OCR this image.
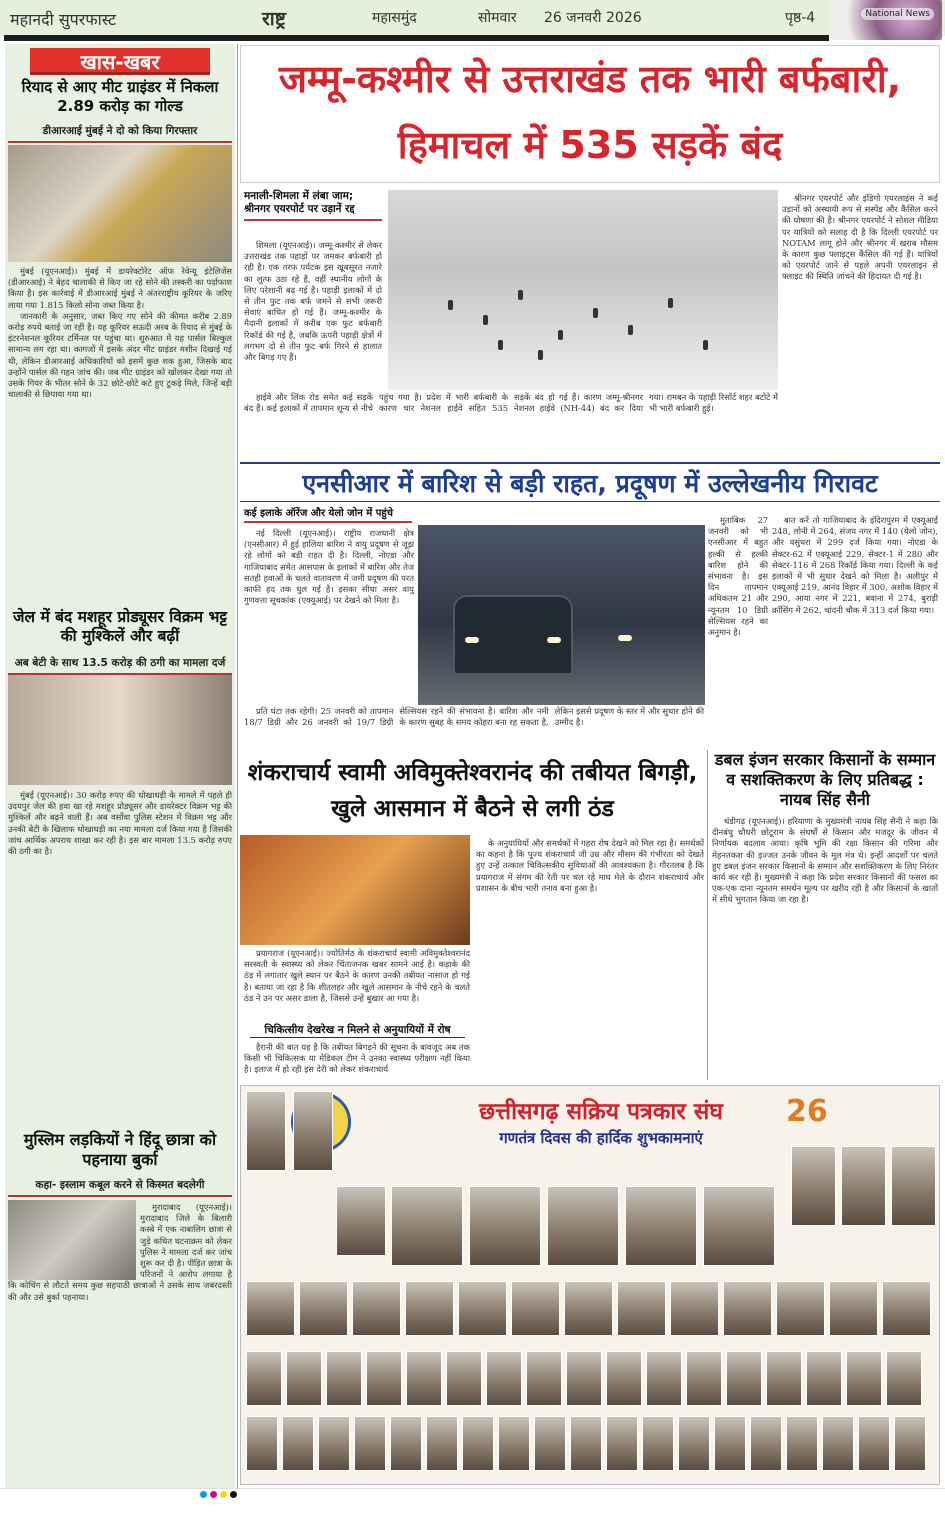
महानदी सुपरफास्ट	राष्ट्र	महासमुंद	सोमवार 26 जनवरी 2026	पृष्ठ-4	National News
खास-खबर
रियाद से आए मीट ग्राइंडर में निकला 2.89 करोड़ का गोल्ड
डीआरआई मुंबई ने दो को किया गिरफ्तार

मुंबई (यूएनआई)। मुंबई में डायरेक्टोरेट ऑफ रेवेन्यू इंटेलिजेंस (डीआरआई) ने बेहद चालाकी से किए जा रहे सोने की तस्करी का पर्दाफाश किया है। इस कार्रवाई में डीआरआई मुंबई ने अंतरराष्ट्रीय कूरियर के जरिए लाया गया 1.815 किलो सोना जब्त किया है।

जानकारी के अनुसार, जब्त किए गए सोने की कीमत करीब 2.89 करोड़ रुपये बताई जा रही है। यह कूरियर सऊदी अरब के रियाद से मुंबई के इंटरनेशनल कूरियर टर्मिनल पर पहुंचा था। शुरुआत में यह पार्सल बिल्कुल सामान्य लग रहा था। कागजों में इसके अंदर मीट ग्राइंडर मशीन दिखाई गई थी, लेकिन डीआरआई अधिकारियों को इसमें कुछ शक हुआ, जिसके बाद उन्होंने पार्सल की गहन जांच की। जब मीट ग्राइंडर को खोलकर देखा गया तो उसके गियर के भीतर सोने के 32 छोटे-छोटे कटे हुए टुकड़े मिले, जिन्हें बड़ी चालाकी से छिपाया गया था।

जेल में बंद मशहूर प्रोड्यूसर विक्रम भट्ट की मुश्किलें और बढ़ीं
अब बेटी के साथ 13.5 करोड़ की ठगी का मामला दर्ज

मुंबई (यूएनआई)। 30 करोड़ रुपए की धोखाधड़ी के मामले में पहले ही उदयपुर जेल की हवा खा रहे मशहूर प्रोड्यूसर और डायरेक्टर विक्रम भट्ट की मुश्किलें और बढ़ने वाली हैं। अब वर्सोवा पुलिस स्टेशन में विक्रम भट्ट और उनकी बेटी के खिलाफ धोखाधड़ी का नया मामला दर्ज किया गया है जिसकी जांच आर्थिक अपराध शाखा कर रही है। इस बार मामला 13.5 करोड़ रुपए की ठगी का है।

मुस्लिम लड़कियों ने हिंदू छात्रा को पहनाया बुर्का
कहा- इस्लाम कबूल करने से किस्मत बदलेगी

मुरादाबाद (यूएनआई)। मुरादाबाद जिले के बिलारी कस्बे में एक नाबालिग छात्रा से जुड़े कथित घटनाक्रम को लेकर पुलिस ने मामला दर्ज कर जांच शुरू कर दी है। पीड़ित छात्रा के परिजनों ने आरोप लगाया है कि कोचिंग से लौटते समय कुछ सहपाठी छात्राओं ने उसके साथ जबरदस्ती की और उसे बुर्का पहनाया।

जम्मू-कश्मीर से उत्तराखंड तक भारी बर्फबारी,
हिमाचल में 535 सड़कें बंद
मनाली-शिमला में लंबा जाम; श्रीनगर एयरपोर्ट पर उड़ानें रद्द

शिमला (यूएनआई)। जम्मू-कश्मीर से लेकर उत्तराखंड तक पहाड़ों पर जमकर बर्फबारी हो रही है। एक तरफ पर्यटक इस खूबसूरत नजारे का लुत्फ उठा रहे हैं, वहीं स्थानीय लोगों के लिए परेशानी बढ़ गई है। पहाड़ी इलाकों में दो से तीन फुट तक बर्फ जमने से सभी जरूरी सेवाएं बाधित हो गई हैं। जम्मू-कश्मीर के मैदानी इलाकों में करीब एक फुट बर्फबारी रिकॉर्ड की गई है, जबकि ऊपरी पहाड़ी क्षेत्रों में लगभग दो से तीन फुट बर्फ गिरने से हालात और बिगड़ गए हैं।

श्रीनगर एयरपोर्ट और इंडिगो एयरलाइंस ने कई उड़ानों को अस्थायी रूप से सस्पेंड और कैंसिल करने की घोषणा की है। श्रीनगर एयरपोर्ट ने सोशल मीडिया पर यात्रियों को सलाह दी है कि दिल्ली एयरपोर्ट पर NOTAM लागू होने और श्रीनगर में खराब मौसम के कारण कुछ फ्लाइट्स कैंसिल की गई हैं। यात्रियों को एयरपोर्ट जाने से पहले अपनी एयरलाइन से फ्लाइट की स्थिति जांचने की हिदायत दी गई है।

हाईवे और लिंक रोड समेत कई सड़कें बंद हैं। कई इलाकों में तापमान शून्य से नीचे पहुंच गया है। प्रदेश में भारी बर्फबारी के कारण चार नेशनल हाईवे सहित 535 सड़कें बंद हो गई हैं। कारण जम्मू-श्रीनगर नेशनल हाईवे (NH-44) बंद कर दिया गया। रामबन के पहाड़ी रिसॉर्ट शहर बटोटे में भी भारी बर्फबारी हुई।

एनसीआर में बारिश से बड़ी राहत, प्रदूषण में उल्लेखनीय गिरावट
कई इलाके ऑरेंज और येलो जोन में पहुंचे

नई दिल्ली (यूएनआई)। राष्ट्रीय राजधानी क्षेत्र (एनसीआर) में हुई हालिया बारिश ने वायु प्रदूषण से जूझ रहे लोगों को बड़ी राहत दी है। दिल्ली, नोएडा और गाजियाबाद समेत आसपास के इलाकों में बारिश और तेज सतही हवाओं के चलते वातावरण में जमी प्रदूषण की परत काफी हद तक धुल गई है। इसका सीधा असर वायु गुणवत्ता सूचकांक (एक्यूआई) पर देखने को मिला है।

मुताबिक 27 जनवरी को भी एनसीआर में बहुत हल्की से हल्की बारिश होने की संभावना है। इस दिन तापमान अधिकतम 21 और न्यूनतम 10 डिग्री सेल्सियस रहने का अनुमान है।

बात करें तो गाजियाबाद के इंदिरापुरम में एक्यूआई 248, लोनी में 264, संजय नगर में 140 (येलो जोन), और वसुंधरा में 299 दर्ज किया गया। नोएडा के सेक्टर-62 में एक्यूआई 229, सेक्टर-1 में 280 और सेक्टर-116 में 268 रिकॉर्ड किया गया। दिल्ली के कई इलाकों में भी सुधार देखने को मिला है। अलीपुर में एक्यूआई 219, आनंद विहार में 300, अशोक विहार में 290, आया नगर में 221, बवाना में 274, बुराड़ी क्रॉसिंग में 262, चांदनी चौक में 313 दर्ज किया गया।

प्रति घंटा तक रहेगी। 25 जनवरी को तापमान 18/7 डिग्री और 26 जनवरी को 19/7 डिग्री सेल्सियस रहने की संभावना है। बारिश और नमी के कारण सुबह के समय कोहरा बना रह सकता है, लेकिन इससे प्रदूषण के स्तर में और सुधार होने की उम्मीद है।

शंकराचार्य स्वामी अविमुक्तेश्वरानंद की तबीयत बिगड़ी, खुले आसमान में बैठने से लगी ठंड

प्रयागराज (यूएनआई)। ज्योतिर्मठ के शंकराचार्य स्वामी अविमुक्तेश्वरानंद सरस्वती के स्वास्थ्य को लेकर चिंताजनक खबर सामने आई है। कड़ाके की ठंड में लगातार खुले स्थान पर बैठने के कारण उनकी तबीयत नासाज हो गई है। बताया जा रहा है कि शीतलहर और खुले आसमान के नीचे रहने के चलते ठंड ने उन पर असर डाला है, जिससे उन्हें बुखार आ गया है।

चिकित्सीय देखरेख न मिलने से अनुयायियों में रोष

हैरानी की बात यह है कि तबीयत बिगड़ने की सूचना के बावजूद अब तक किसी भी चिकित्सक या मेडिकल टीम ने उनका स्वास्थ्य परीक्षण नहीं किया है। इलाज में हो रही इस देरी को लेकर शंकराचार्य

के अनुयायियों और समर्थकों में गहरा रोष देखने को मिल रहा है। समर्थकों का कहना है कि पूज्य शंकराचार्य जी उम्र और मौसम की गंभीरता को देखते हुए उन्हें तत्काल चिकित्सकीय सुविधाओं की आवश्यकता है। गौरतलब है कि प्रयागराज में संगम की रेती पर चल रहे माघ मेले के दौरान शंकराचार्य और प्रशासन के बीच भारी तनाव बना हुआ है।

डबल इंजन सरकार किसानों के सम्मान व सशक्तिकरण के लिए प्रतिबद्ध : नायब सिंह सैनी

चंडीगढ़ (यूएनआई)। हरियाणा के मुख्यमंत्री नायब सिंह सैनी ने कहा कि दीनबंधु चौधरी छोटूराम के संघर्षों से किसान और मजदूर के जीवन में निर्णायक बदलाव आया। कृषि भूमि की रक्षा किसान की गरिमा और मेहनतकश की इज्जत उनके जीवन के मूल मंत्र थे। इन्हीं आदर्शों पर चलते हुए डबल इंजन सरकार किसानों के सम्मान और सशक्तिकरण के लिए निरंतर कार्य कर रही है। मुख्यमंत्री ने कहा कि प्रदेश सरकार किसानों की फसल का एक-एक दाना न्यूनतम समर्थन मूल्य पर खरीद रही है और किसानों के खातों में सीधे भुगतान किया जा रहा है।

छत्तीसगढ़ सक्रिय पत्रकार संघ
गणतंत्र दिवस की हार्दिक शुभकामनाएं
26
